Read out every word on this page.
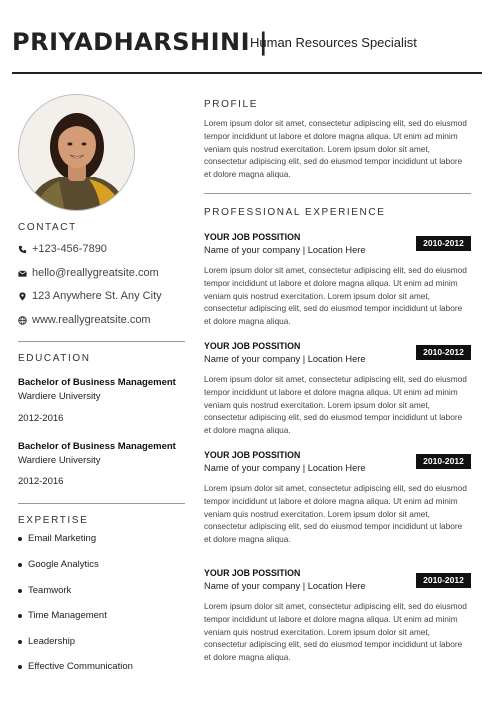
PRIYADHARSHINI |
Human Resources Specialist
CONTACT
+123-456-7890
hello@reallygreatsite.com
123 Anywhere St. Any City
www.reallygreatsite.com
EDUCATION
Bachelor of Business Management
Wardiere University
2012-2016
Bachelor of Business Management
Wardiere University
2012-2016
EXPERTISE
Email Marketing
Google Analytics
Teamwork
Time Management
Leadership
Effective Communication
PROFILE
Lorem ipsum dolor sit amet, consectetur adipiscing elit, sed do eiusmod tempor incididunt ut labore et dolore magna aliqua. Ut enim ad minim veniam quis nostrud exercitation. Lorem ipsum dolor sit amet, consectetur adipiscing elit, sed do eiusmod tempor incididunt ut labore et dolore magna aliqua.
PROFESSIONAL EXPERIENCE
YOUR JOB POSSITION
Name of your company | Location Here
2010-2012
Lorem ipsum dolor sit amet, consectetur adipiscing elit, sed do eiusmod tempor incididunt ut labore et dolore magna aliqua. Ut enim ad minim veniam quis nostrud exercitation. Lorem ipsum dolor sit amet, consectetur adipiscing elit, sed do eiusmod tempor incididunt ut labore et dolore magna aliqua.
YOUR JOB POSSITION
Name of your company | Location Here
2010-2012
Lorem ipsum dolor sit amet, consectetur adipiscing elit, sed do eiusmod tempor incididunt ut labore et dolore magna aliqua. Ut enim ad minim veniam quis nostrud exercitation. Lorem ipsum dolor sit amet, consectetur adipiscing elit, sed do eiusmod tempor incididunt ut labore et dolore magna aliqua.
YOUR JOB POSSITION
Name of your company | Location Here
2010-2012
Lorem ipsum dolor sit amet, consectetur adipiscing elit, sed do eiusmod tempor incididunt ut labore et dolore magna aliqua. Ut enim ad minim veniam quis nostrud exercitation. Lorem ipsum dolor sit amet, consectetur adipiscing elit, sed do eiusmod tempor incididunt ut labore et dolore magna aliqua.
YOUR JOB POSSITION
Name of your company | Location Here
2010-2012
Lorem ipsum dolor sit amet, consectetur adipiscing elit, sed do eiusmod tempor incididunt ut labore et dolore magna aliqua. Ut enim ad minim veniam quis nostrud exercitation. Lorem ipsum dolor sit amet, consectetur adipiscing elit, sed do eiusmod tempor incididunt ut labore et dolore magna aliqua.
